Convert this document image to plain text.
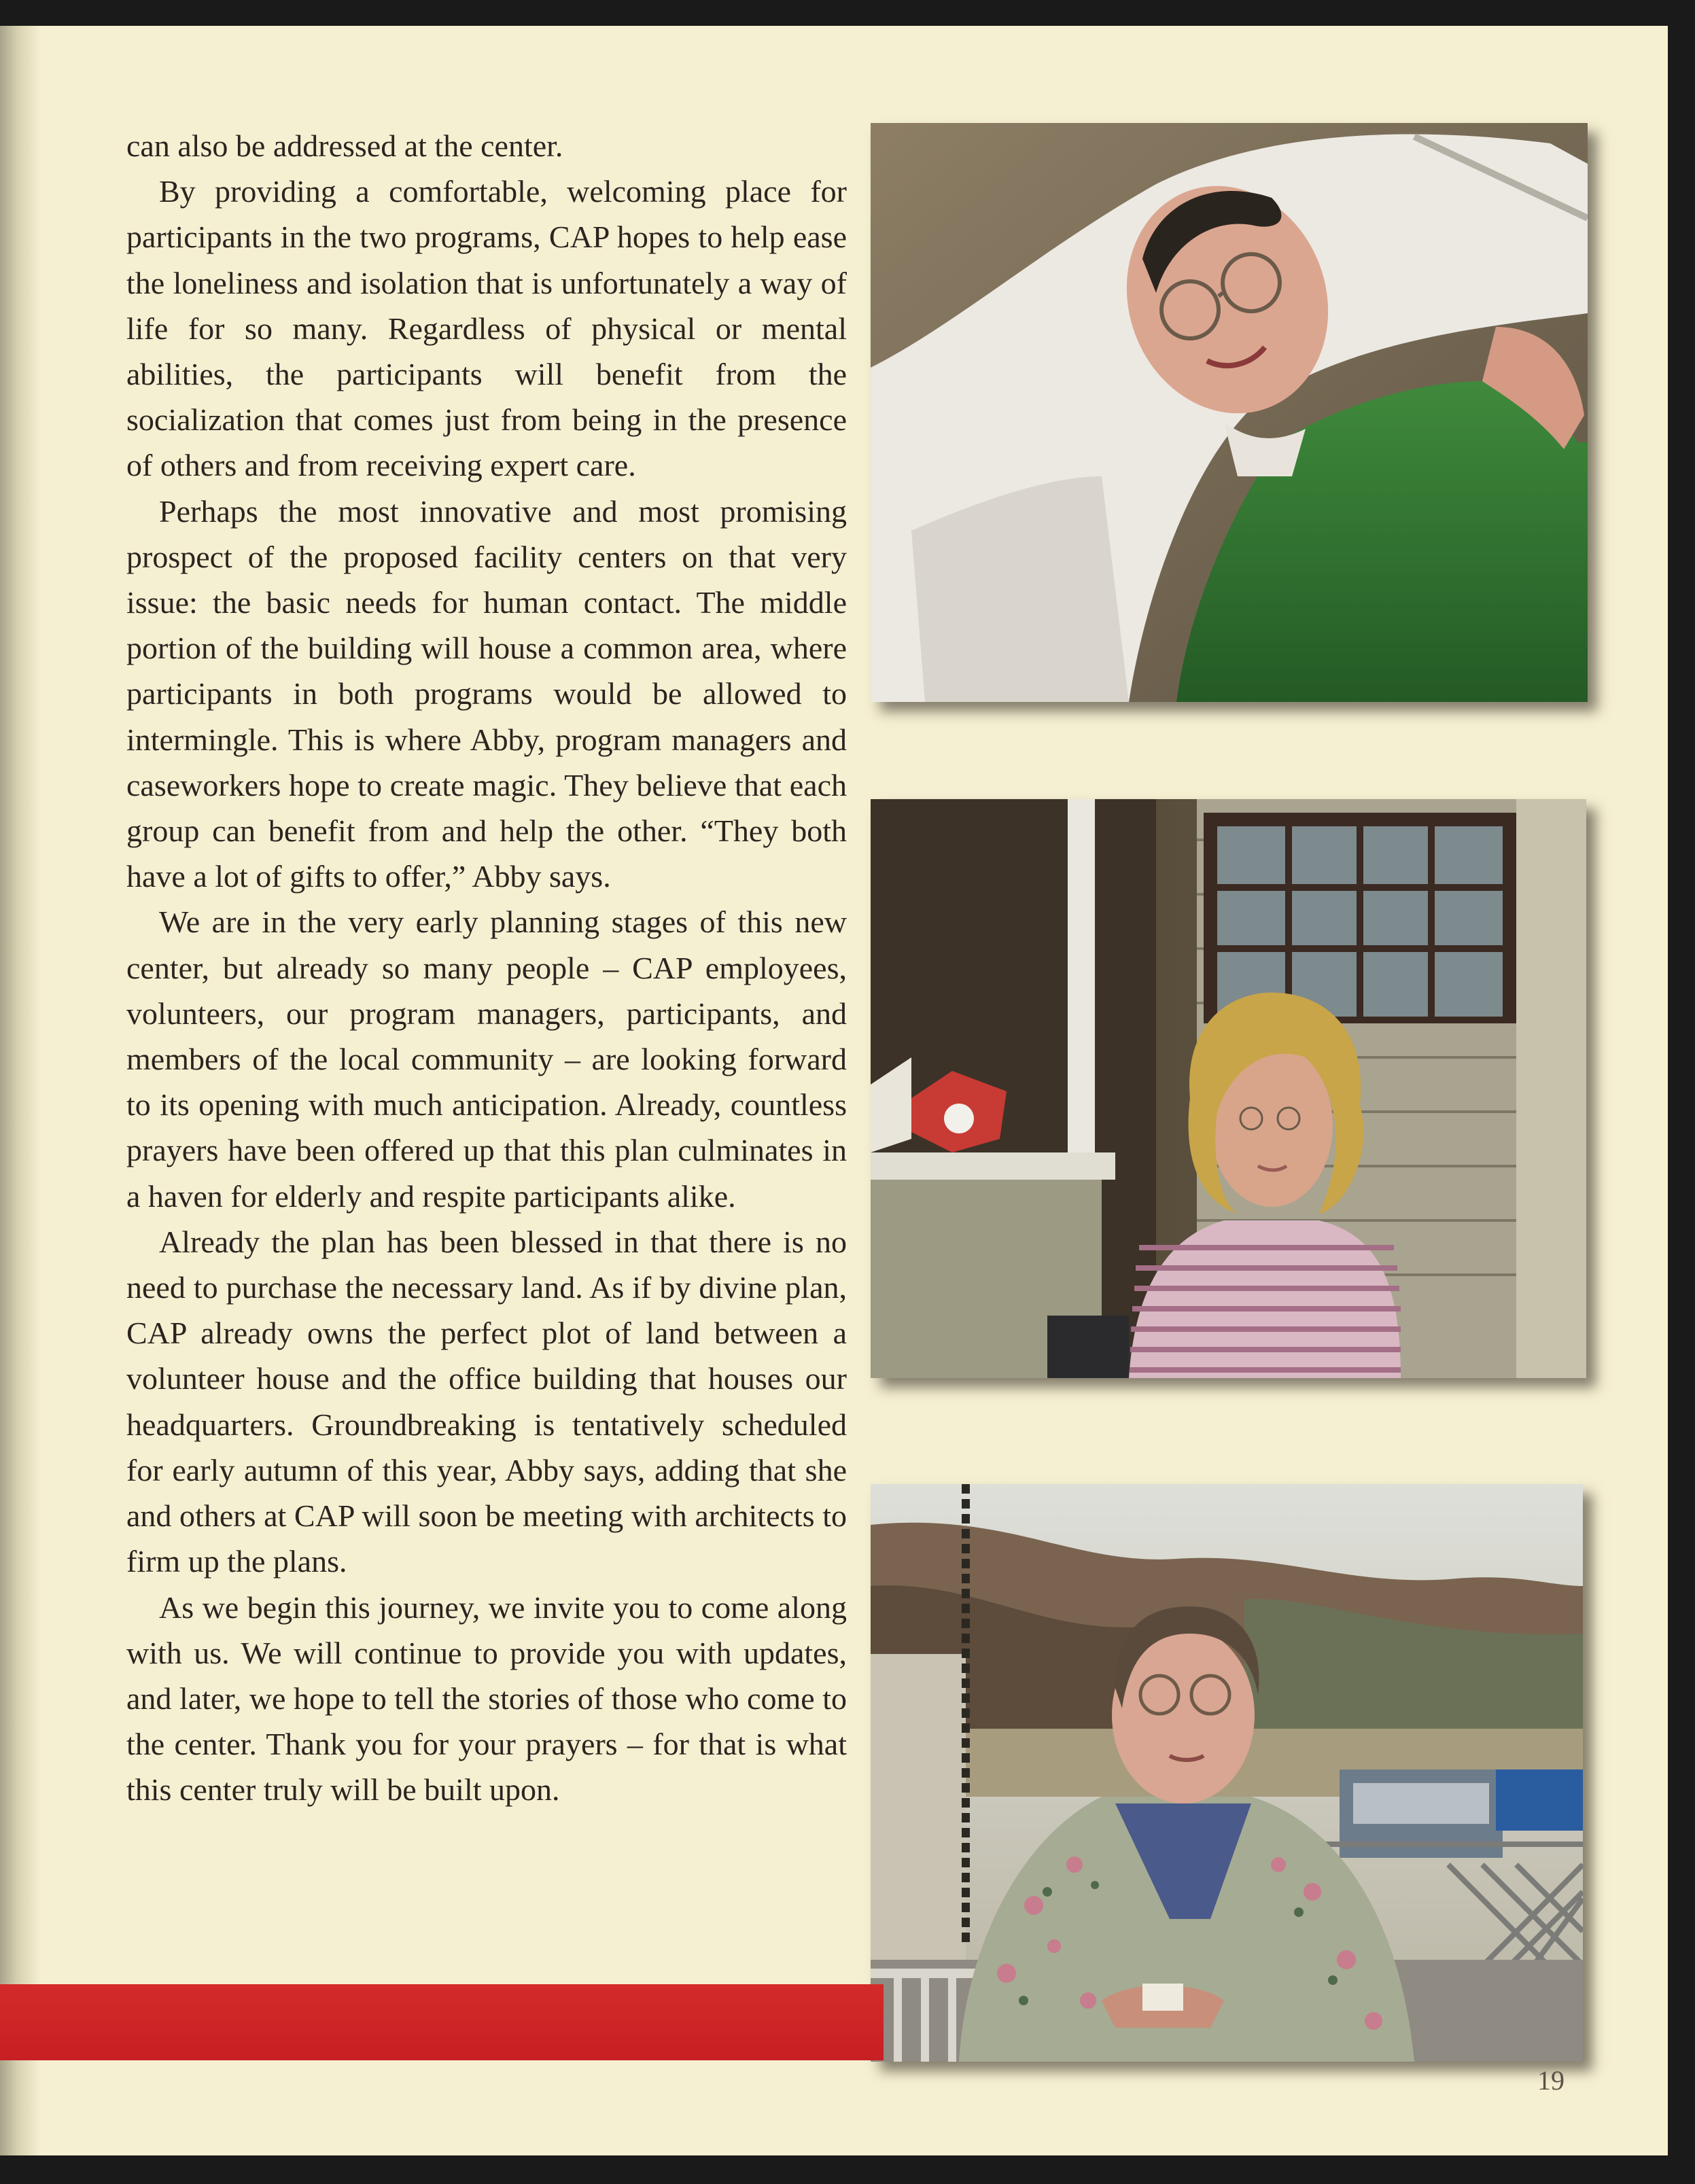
can also be addressed at the center.

By providing a comfortable, welcoming place for participants in the two programs, CAP hopes to help ease the loneliness and isolation that is unfortunately a way of life for so many. Regardless of physical or mental abilities, the participants will benefit from the socialization that comes just from being in the presence of others and from receiving expert care.

Perhaps the most innovative and most promising prospect of the proposed facility centers on that very issue: the basic needs for human contact. The middle portion of the building will house a common area, where participants in both programs would be allowed to intermingle. This is where Abby, program managers and caseworkers hope to create magic. They believe that each group can benefit from and help the other. “They both have a lot of gifts to offer,” Abby says.

We are in the very early planning stages of this new center, but already so many people – CAP employees, volunteers, our program managers, participants, and members of the local community – are looking forward to its opening with much anticipation. Already, countless prayers have been offered up that this plan culminates in a haven for elderly and respite participants alike.

Already the plan has been blessed in that there is no need to purchase the necessary land. As if by divine plan, CAP already owns the perfect plot of land between a volunteer house and the office building that houses our headquarters. Groundbreaking is tentatively scheduled for early autumn of this year, Abby says, adding that she and others at CAP will soon be meeting with architects to firm up the plans.

As we begin this journey, we invite you to come along with us. We will continue to provide you with updates, and later, we hope to tell the stories of those who come to the center. Thank you for your prayers – for that is what this center truly will be built upon.

19
